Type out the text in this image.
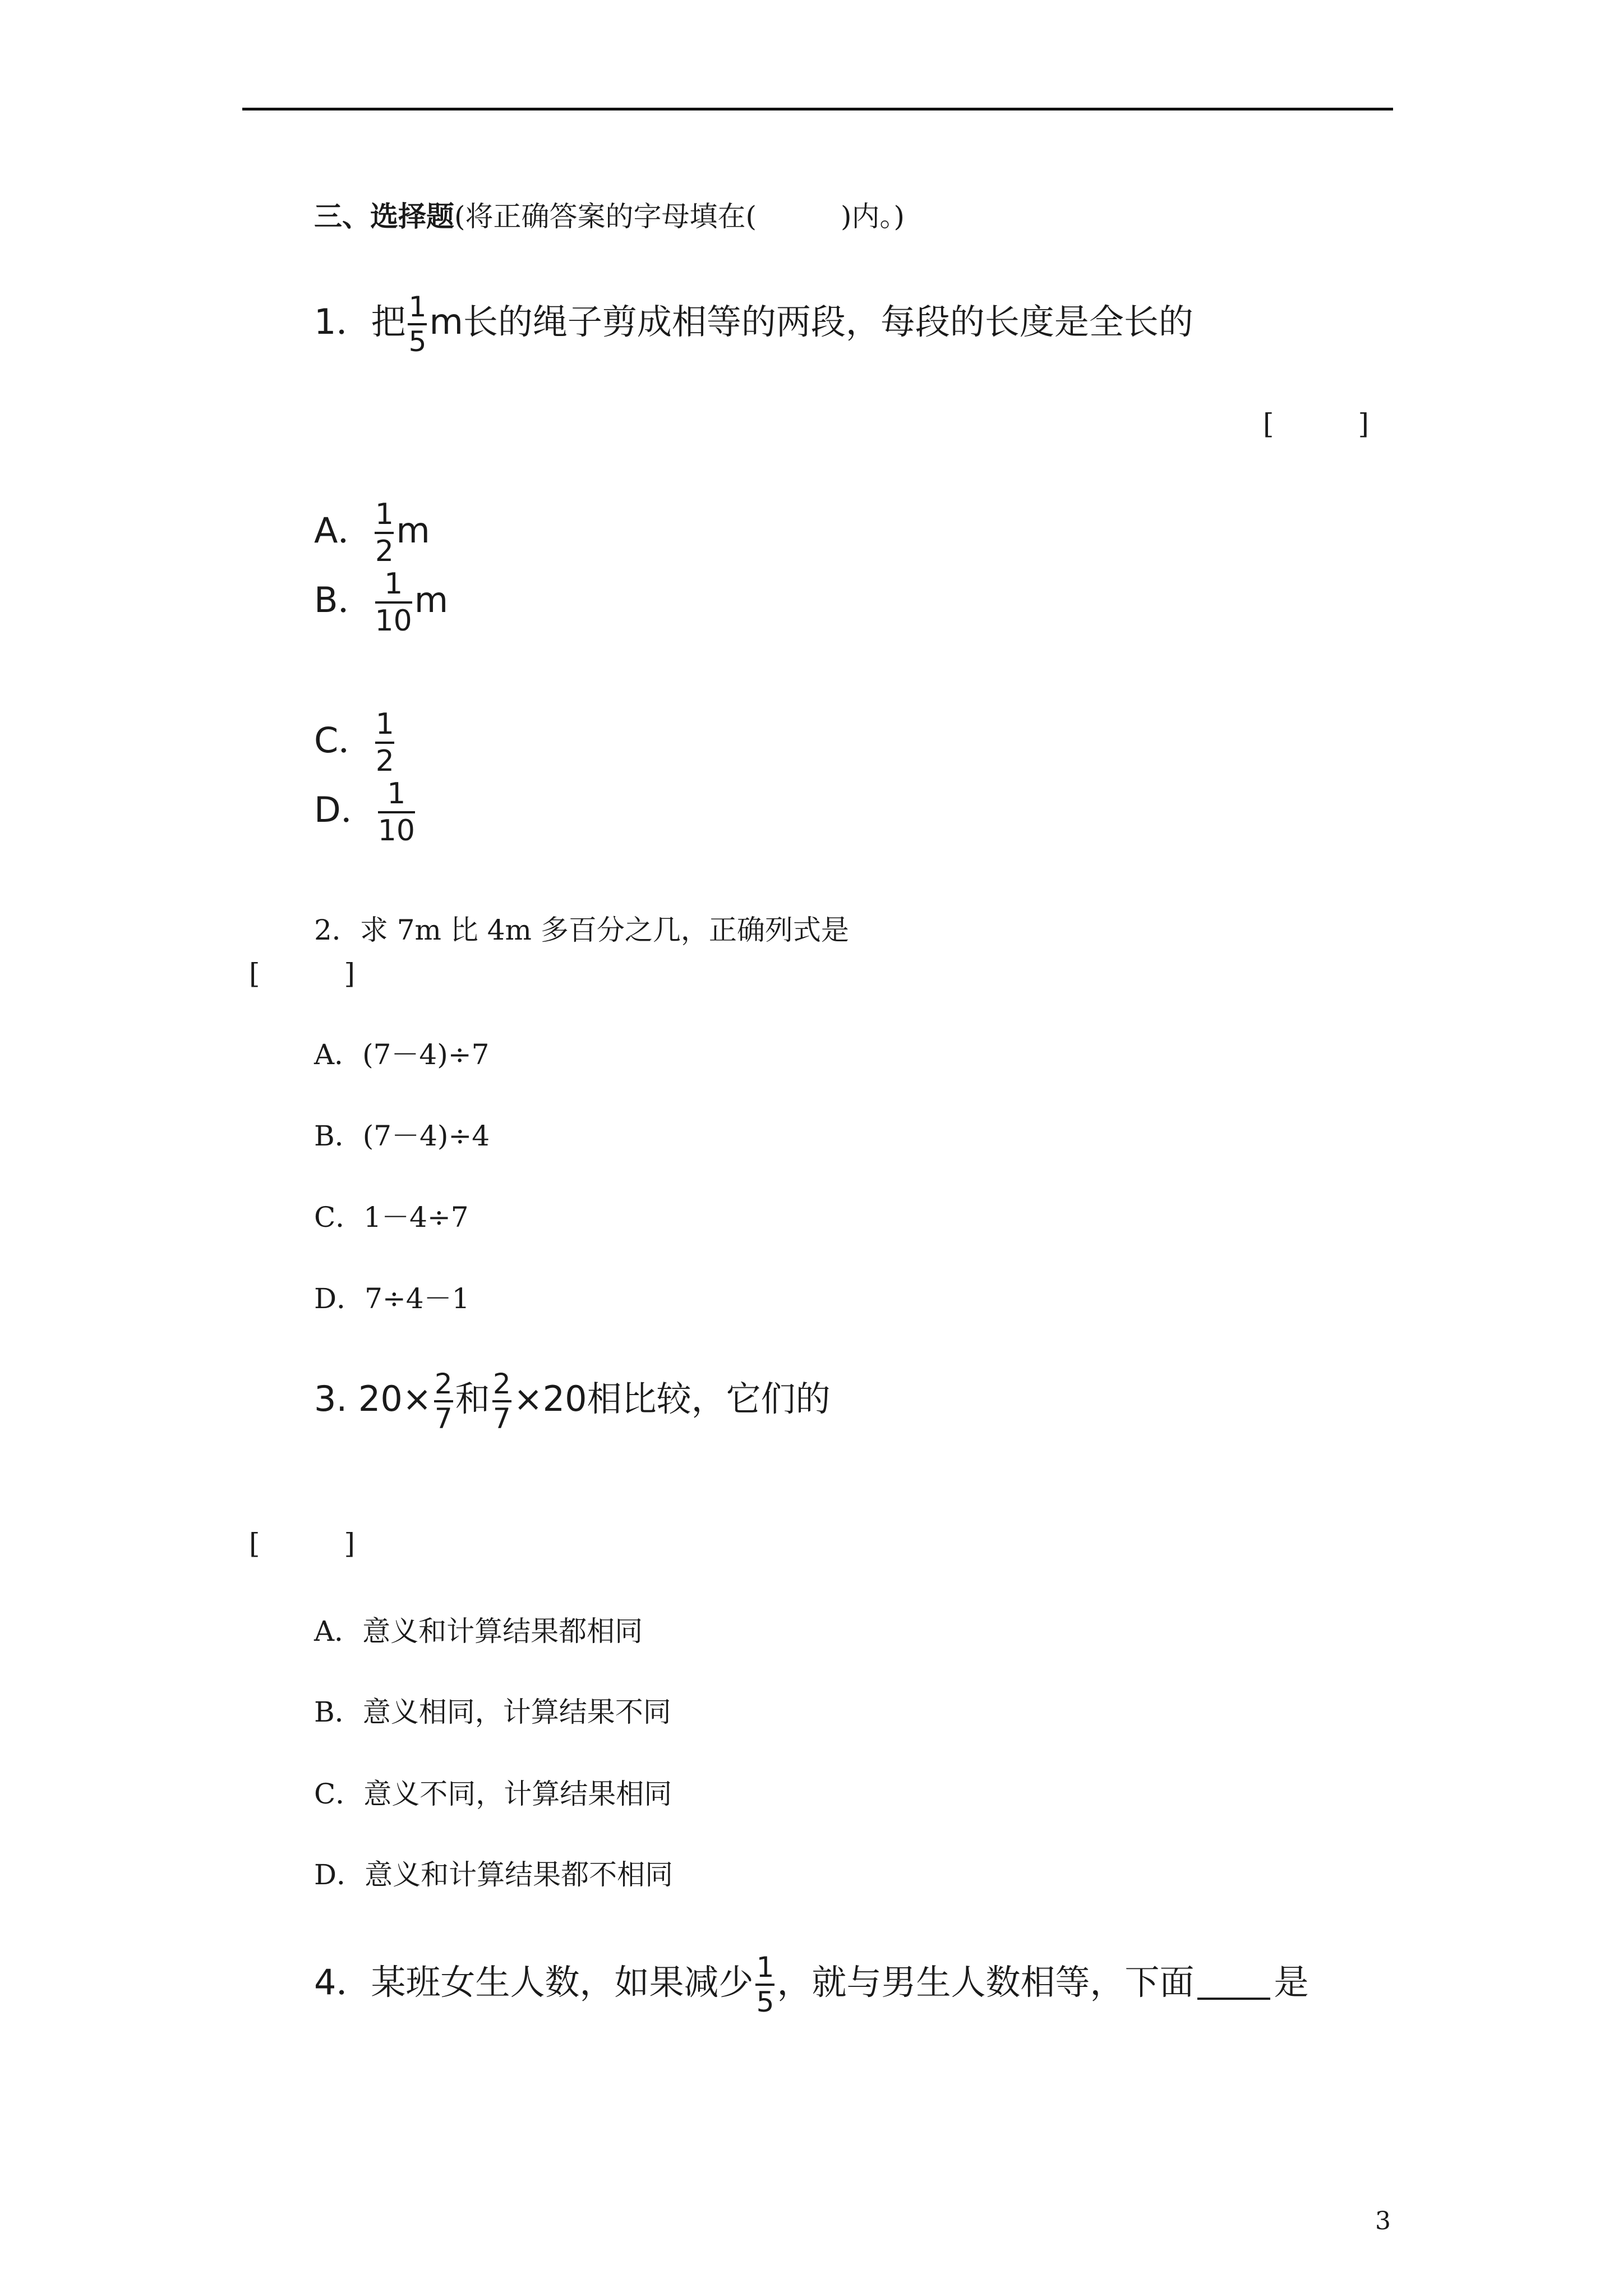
三、选择题(将正确答案的字母填在(　　　)内。)
1．把 $\frac{1}{5}$ m长的绳子剪成相等的两段，每段的长度是全长的
[　　　]
A． $\frac{1}{2}$ m
B． $\frac{1}{10}$ m
C． $\frac{1}{2}$
D． $\frac{1}{10}$
2．求 7m 比 4m 多百分之几，正确列式是
[　　　]
A．(7－4)÷7
B．(7－4)÷4
C．1－4÷7
D．7÷4－1
3. $20\times \frac{2}{7}$ 和 $\frac{2}{7} \times 20$相比较，它们的
[　　　]
A．意义和计算结果都相同
B．意义相同，计算结果不同
C．意义不同，计算结果相同
D．意义和计算结果都不相同
4．某班女生人数，如果减少 $\frac{1}{5}$ ，就与男生人数相等，下面 是
3
